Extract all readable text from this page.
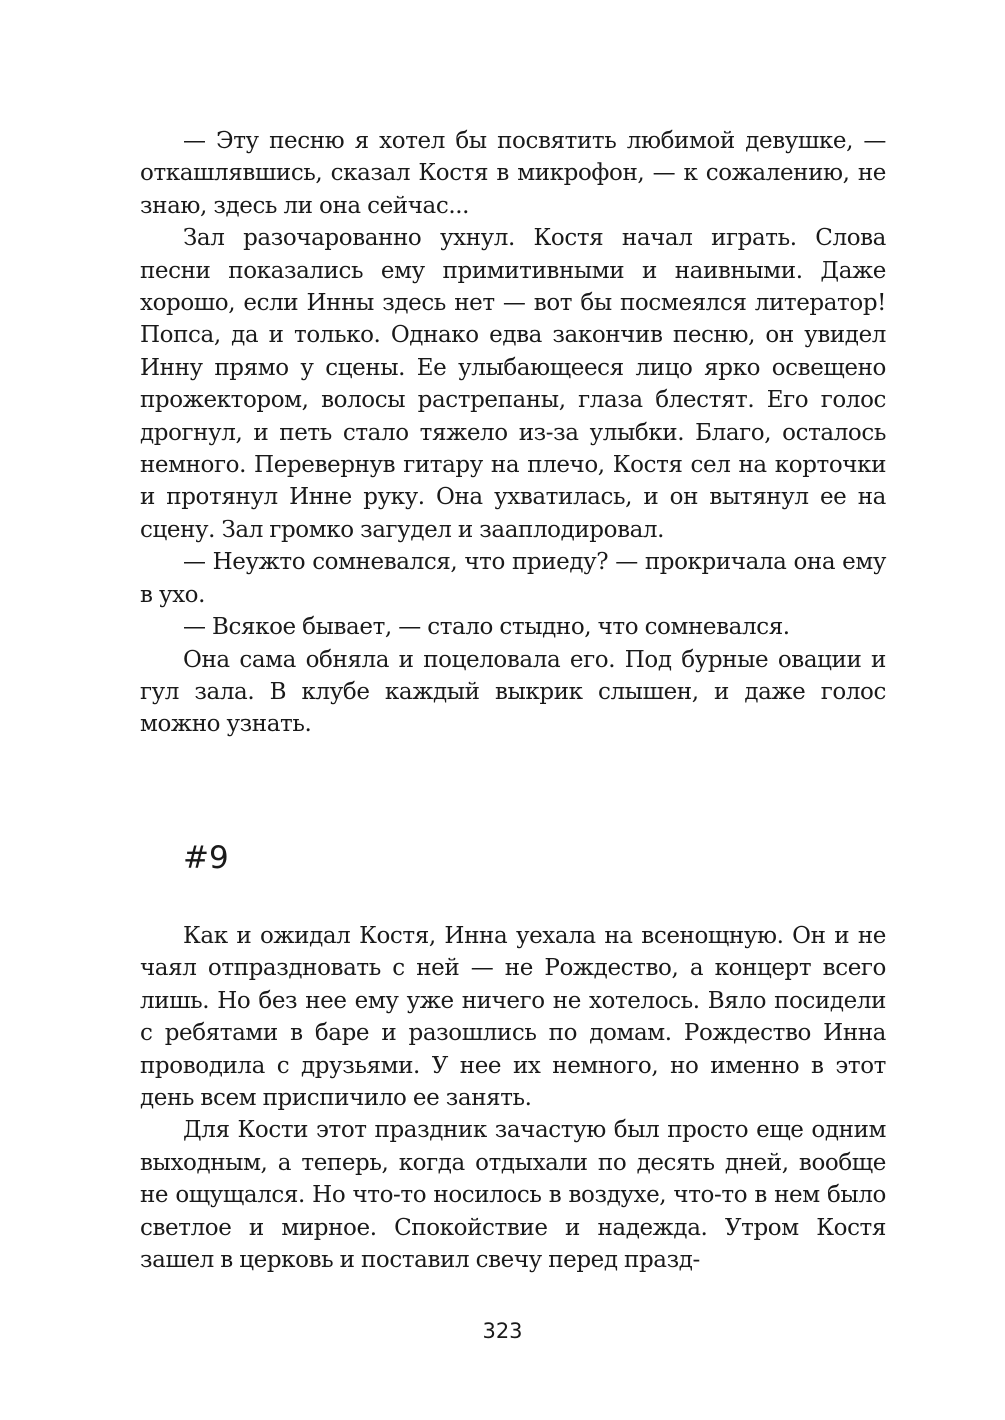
— Эту песню я хотел бы посвятить любимой девушке, — откашлявшись, сказал Костя в микрофон, — к сожалению, не знаю, здесь ли она сейчас...

Зал разочарованно ухнул. Костя начал играть. Слова песни показались ему примитивными и наивными. Даже хорошо, если Инны здесь нет — вот бы посмеялся литератор! Попса, да и только. Однако едва закончив песню, он увидел Инну прямо у сцены. Ее улыбающееся лицо ярко освещено прожектором, волосы растрепаны, глаза блестят. Его голос дрогнул, и петь стало тяжело из-за улыбки. Благо, осталось немного. Перевернув гитару на плечо, Костя сел на корточки и протянул Инне руку. Она ухватилась, и он вытянул ее на сцену. Зал громко загудел и зааплодировал.

— Неужто сомневался, что приеду? — прокричала она ему в ухо.

— Всякое бывает, — стало стыдно, что сомневался.

Она сама обняла и поцеловала его. Под бурные овации и гул зала. В клубе каждый выкрик слышен, и даже голос можно узнать.

#9

Как и ожидал Костя, Инна уехала на всенощную. Он и не чаял отпраздновать с ней — не Рождество, а концерт всего лишь. Но без нее ему уже ничего не хотелось. Вяло посидели с ребятами в баре и разошлись по домам. Рождество Инна проводила с друзьями. У нее их немного, но именно в этот день всем приспичило ее занять.

Для Кости этот праздник зачастую был просто еще одним выходным, а теперь, когда отдыхали по десять дней, вообще не ощущался. Но что-то носилось в воздухе, что-то в нем было светлое и мирное. Спокойствие и надежда. Утром Костя зашел в церковь и поставил свечу перед празд-

323
